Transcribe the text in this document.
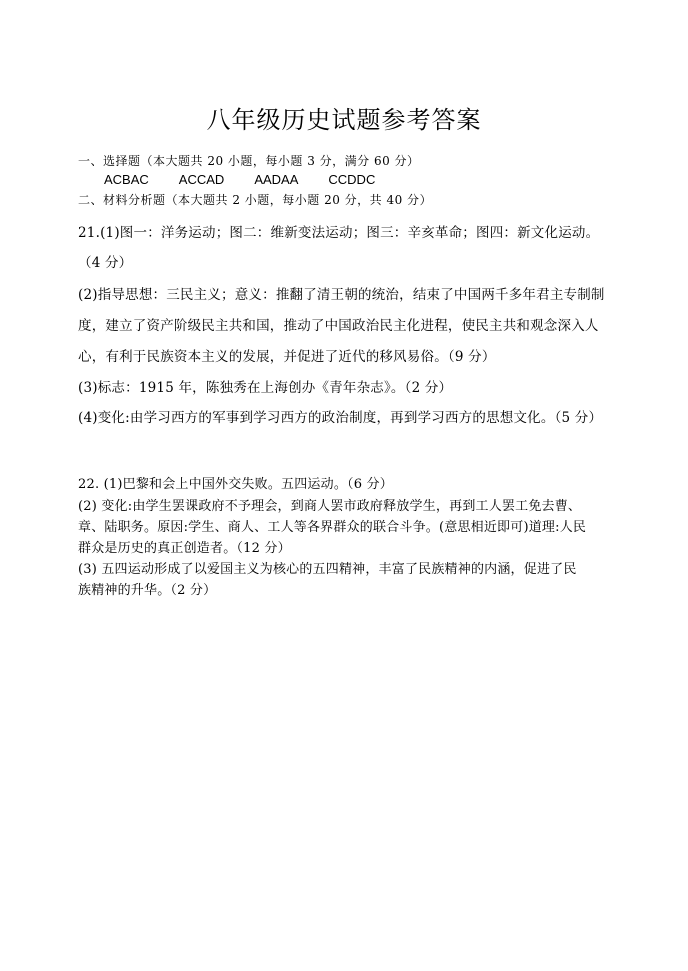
八年级历史试题参考答案
一、选择题（本大题共 20 小题，每小题 3 分，满分 60 分）
ACBAC ACCAD AADAA CCDDC
二、材料分析题（本大题共 2 小题，每小题 20 分，共 40 分）
21.(1)图一：洋务运动；图二：维新变法运动；图三：辛亥革命；图四：新文化运动。
（4 分）
(2)指导思想：三民主义；意义：推翻了清王朝的统治，结束了中国两千多年君主专制制
度，建立了资产阶级民主共和国，推动了中国政治民主化进程，使民主共和观念深入人
心，有利于民族资本主义的发展，并促进了近代的移风易俗。（9 分）
(3)标志：1915 年，陈独秀在上海创办《青年杂志》。（2 分）
(4)变化:由学习西方的军事到学习西方的政治制度，再到学习西方的思想文化。（5 分）
22. (1)巴黎和会上中国外交失败。五四运动。（6 分）
(2) 变化:由学生罢课政府不予理会，到商人罢市政府释放学生，再到工人罢工免去曹、
章、陆职务。原因:学生、商人、工人等各界群众的联合斗争。(意思相近即可)道理:人民
群众是历史的真正创造者。（12 分）
(3) 五四运动形成了以爱国主义为核心的五四精神，丰富了民族精神的内涵，促进了民
族精神的升华。（2 分）
